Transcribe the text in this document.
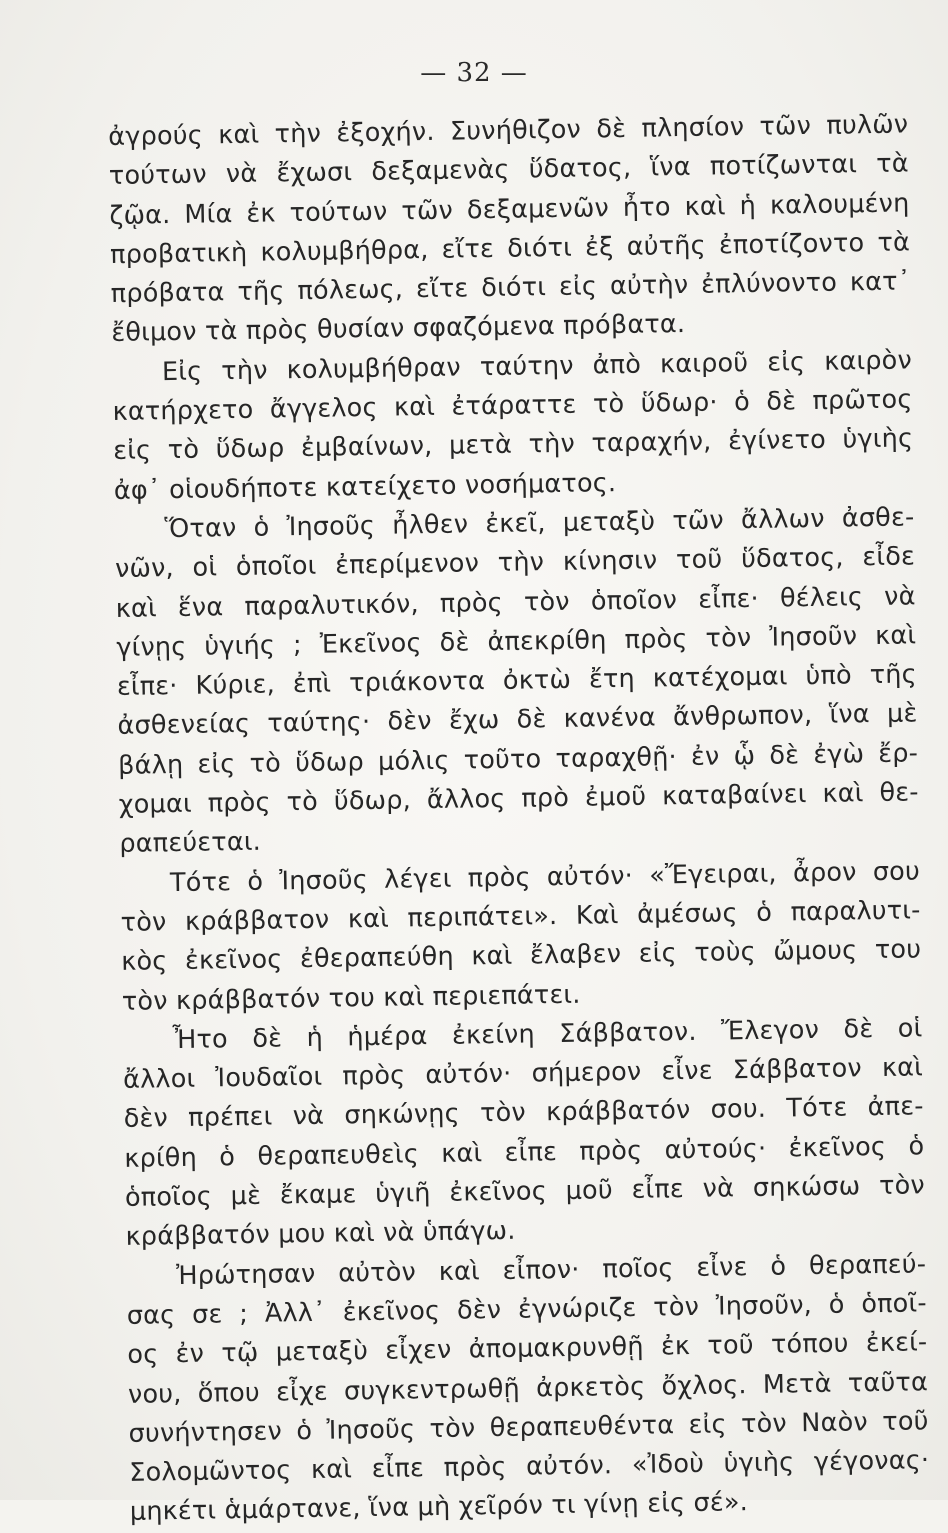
— 32 —
ἀγρούς καὶ τὴν ἐξοχήν. Συνήθιζον δὲ πλησίον τῶν πυλῶν
τούτων νὰ ἔχωσι δεξαμενὰς ὕδατος, ἵνα ποτίζωνται τὰ
ζῷα. Μία ἐκ τούτων τῶν δεξαμενῶν ἦτο καὶ ἡ καλουμένη
προβατικὴ κολυμβήθρα, εἴτε διότι ἐξ αὐτῆς ἐποτίζοντο τὰ
πρόβατα τῆς πόλεως, εἴτε διότι εἰς αὐτὴν ἐπλύνοντο κατ᾽
ἔθιμον τὰ πρὸς θυσίαν σφαζόμενα πρόβατα.
Εἰς τὴν κολυμβήθραν ταύτην ἀπὸ καιροῦ εἰς καιρὸν
κατήρχετο ἄγγελος καὶ ἐτάραττε τὸ ὕδωρ· ὁ δὲ πρῶτος
εἰς τὸ ὕδωρ ἐμβαίνων, μετὰ τὴν ταραχήν, ἐγίνετο ὑγιὴς
ἀφ᾽ οἱουδήποτε κατείχετο νοσήματος.
Ὅταν ὁ Ἰησοῦς ἦλθεν ἐκεῖ, μεταξὺ τῶν ἄλλων ἀσθε-
νῶν, οἱ ὁποῖοι ἐπερίμενον τὴν κίνησιν τοῦ ὕδατος, εἶδε
καὶ ἕνα παραλυτικόν, πρὸς τὸν ὁποῖον εἶπε· θέλεις νὰ
γίνῃς ὑγιής ; Ἐκεῖνος δὲ ἀπεκρίθη πρὸς τὸν Ἰησοῦν καὶ
εἶπε· Κύριε, ἐπὶ τριάκοντα ὀκτὼ ἔτη κατέχομαι ὑπὸ τῆς
ἀσθενείας ταύτης· δὲν ἔχω δὲ κανένα ἄνθρωπον, ἵνα μὲ
βάλῃ εἰς τὸ ὕδωρ μόλις τοῦτο ταραχθῇ· ἐν ᾧ δὲ ἐγὼ ἔρ-
χομαι πρὸς τὸ ὕδωρ, ἄλλος πρὸ ἐμοῦ καταβαίνει καὶ θε-
ραπεύεται.
Τότε ὁ Ἰησοῦς λέγει πρὸς αὐτόν· «Ἔγειραι, ἆρον σου
τὸν κράββατον καὶ περιπάτει». Καὶ ἀμέσως ὁ παραλυτι-
κὸς ἐκεῖνος ἐθεραπεύθη καὶ ἔλαβεν εἰς τοὺς ὤμους του
τὸν κράββατόν του καὶ περιεπάτει.
Ἦτο δὲ ἡ ἡμέρα ἐκείνη Σάββατον. Ἔλεγον δὲ οἱ
ἄλλοι Ἰουδαῖοι πρὸς αὐτόν· σήμερον εἶνε Σάββατον καὶ
δὲν πρέπει νὰ σηκώνῃς τὸν κράββατόν σου. Τότε ἀπε-
κρίθη ὁ θεραπευθεὶς καὶ εἶπε πρὸς αὐτούς· ἐκεῖνος ὁ
ὁποῖος μὲ ἔκαμε ὑγιῆ ἐκεῖνος μοῦ εἶπε νὰ σηκώσω τὸν
κράββατόν μου καὶ νὰ ὑπάγω.
Ἠρώτησαν αὐτὸν καὶ εἶπον· ποῖος εἶνε ὁ θεραπεύ-
σας σε ; Ἀλλ᾽ ἐκεῖνος δὲν ἐγνώριζε τὸν Ἰησοῦν, ὁ ὁποῖ-
ος ἐν τῷ μεταξὺ εἶχεν ἀπομακρυνθῇ ἐκ τοῦ τόπου ἐκεί-
νου, ὅπου εἶχε συγκεντρωθῇ ἀρκετὸς ὄχλος. Μετὰ ταῦτα
συνήντησεν ὁ Ἰησοῦς τὸν θεραπευθέντα εἰς τὸν Ναὸν τοῦ
Σολομῶντος καὶ εἶπε πρὸς αὐτόν. «Ἰδοὺ ὑγιὴς γέγονας·
μηκέτι ἁμάρτανε, ἵνα μὴ χεῖρόν τι γίνῃ εἰς σέ».
